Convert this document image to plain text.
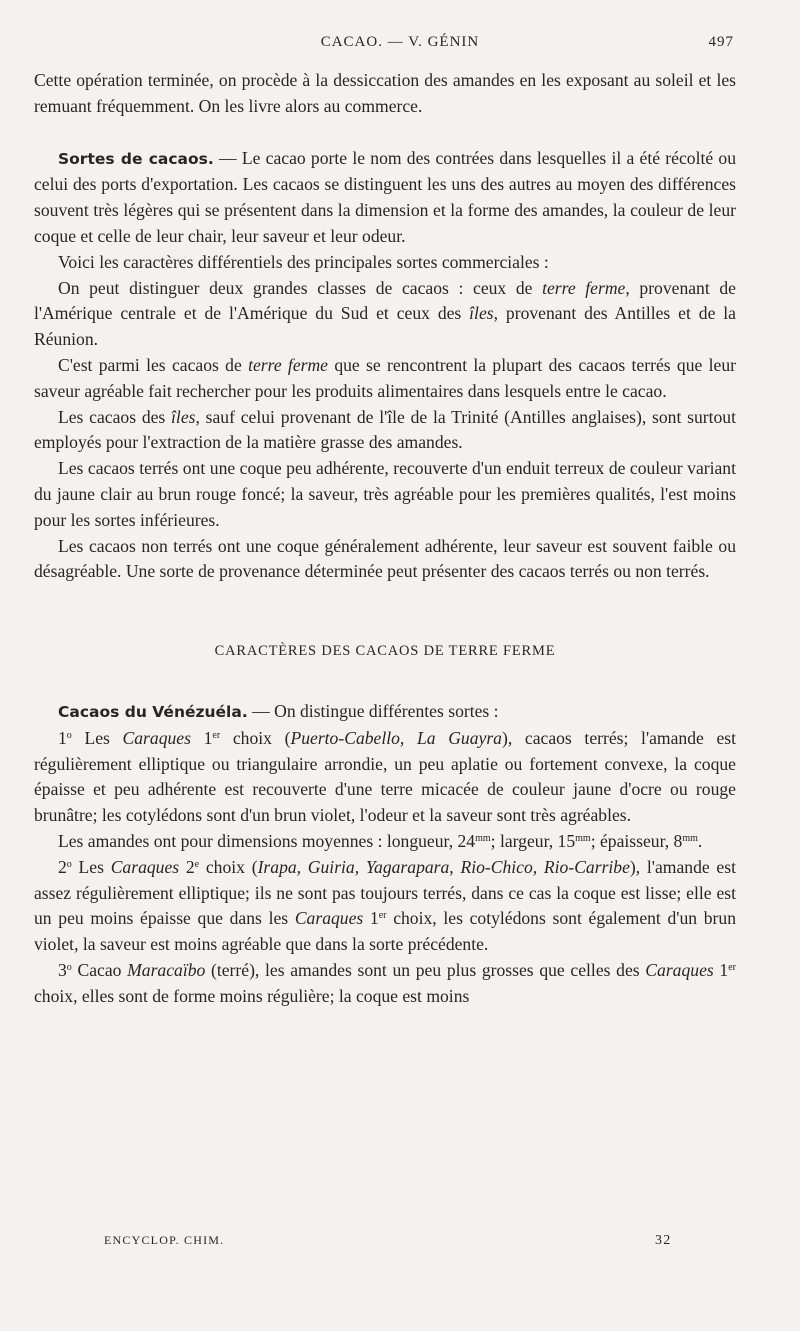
CACAO. — V. GÉNIN	497

Cette opération terminée, on procède à la dessiccation des amandes en les exposant au soleil et les remuant fréquemment. On les livre alors au commerce.

Sortes de cacaos. — Le cacao porte le nom des contrées dans lesquelles il a été récolté ou celui des ports d'exportation. Les cacaos se distinguent les uns des autres au moyen des différences souvent très légères qui se présentent dans la dimension et la forme des amandes, la couleur de leur coque et celle de leur chair, leur saveur et leur odeur.

Voici les caractères différentiels des principales sortes commerciales :

On peut distinguer deux grandes classes de cacaos : ceux de terre ferme, provenant de l'Amérique centrale et de l'Amérique du Sud et ceux des îles, provenant des Antilles et de la Réunion.

C'est parmi les cacaos de terre ferme que se rencontrent la plupart des cacaos terrés que leur saveur agréable fait rechercher pour les produits alimentaires dans lesquels entre le cacao.

Les cacaos des îles, sauf celui provenant de l'île de la Trinité (Antilles anglaises), sont surtout employés pour l'extraction de la matière grasse des amandes.

Les cacaos terrés ont une coque peu adhérente, recouverte d'un enduit terreux de couleur variant du jaune clair au brun rouge foncé; la saveur, très agréable pour les premières qualités, l'est moins pour les sortes inférieures.

Les cacaos non terrés ont une coque généralement adhérente, leur saveur est souvent faible ou désagréable. Une sorte de provenance déterminée peut présenter des cacaos terrés ou non terrés.

CARACTÈRES DES CACAOS DE TERRE FERME

Cacaos du Vénézuéla. — On distingue différentes sortes :

1$^o$ Les Caraques 1er choix (Puerto-Cabello, La Guayra), cacaos terrés; l'amande est régulièrement elliptique ou triangulaire arrondie, un peu aplatie ou fortement convexe, la coque épaisse et peu adhérente est recouverte d'une terre micacée de couleur jaune d'ocre ou rouge brunâtre; les cotylédons sont d'un brun violet, l'odeur et la saveur sont très agréables.

Les amandes ont pour dimensions moyennes : longueur, $24^{mm}$; largeur, $15^{mm}$; épaisseur, $8^{mm}$.

2$^o$ Les Caraques 2e choix (Irapa, Guiria, Yagarapara, Rio-Chico, Rio-Carribe), l'amande est assez régulièrement elliptique; ils ne sont pas toujours terrés, dans ce cas la coque est lisse; elle est un peu moins épaisse que dans les Caraques 1er choix, les cotylédons sont également d'un brun violet, la saveur est moins agréable que dans la sorte précédente.

3$^o$ Cacao Maracaïbo (terré), les amandes sont un peu plus grosses que celles des Caraques 1er choix, elles sont de forme moins régulière; la coque est moins

ENCYCLOP. CHIM.	32
